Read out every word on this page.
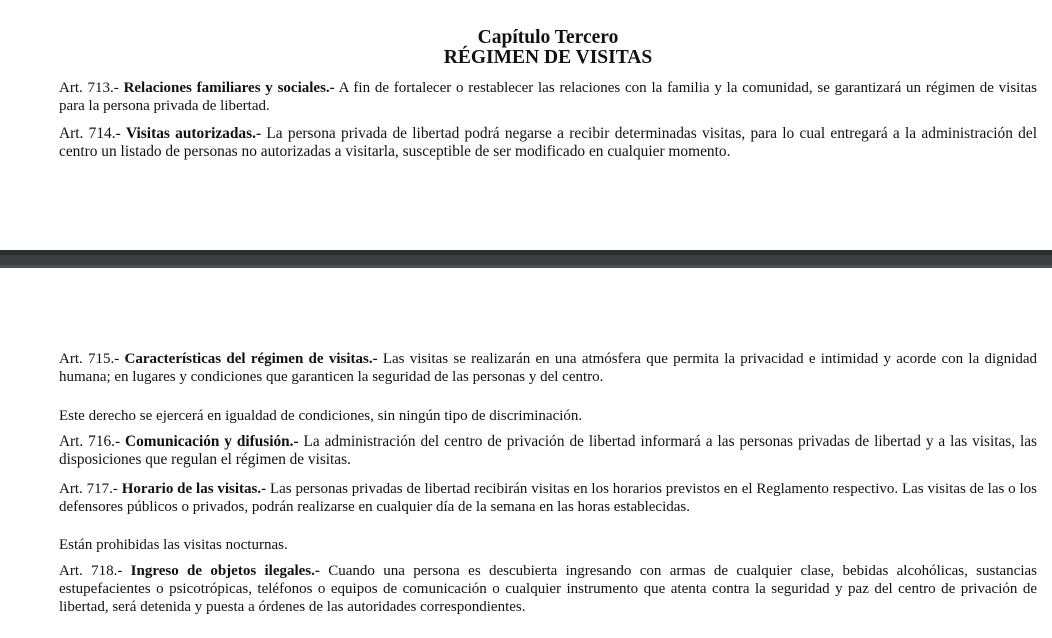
Capítulo Tercero
RÉGIMEN DE VISITAS
Art. 713.- Relaciones familiares y sociales.- A fin de fortalecer o restablecer las relaciones con la familia y la comunidad, se garantizará un régimen de visitas para la persona privada de libertad.
Art. 714.- Visitas autorizadas.- La persona privada de libertad podrá negarse a recibir determinadas visitas, para lo cual entregará a la administración del centro un listado de personas no autorizadas a visitarla, susceptible de ser modificado en cualquier momento.
Art. 715.- Características del régimen de visitas.- Las visitas se realizarán en una atmósfera que permita la privacidad e intimidad y acorde con la dignidad humana; en lugares y condiciones que garanticen la seguridad de las personas y del centro.
Este derecho se ejercerá en igualdad de condiciones, sin ningún tipo de discriminación.
Art. 716.- Comunicación y difusión.- La administración del centro de privación de libertad informará a las personas privadas de libertad y a las visitas, las disposiciones que regulan el régimen de visitas.
Art. 717.- Horario de las visitas.- Las personas privadas de libertad recibirán visitas en los horarios previstos en el Reglamento respectivo. Las visitas de las o los defensores públicos o privados, podrán realizarse en cualquier día de la semana en las horas establecidas.
Están prohibidas las visitas nocturnas.
Art. 718.- Ingreso de objetos ilegales.- Cuando una persona es descubierta ingresando con armas de cualquier clase, bebidas alcohólicas, sustancias estupefacientes o psicotrópicas, teléfonos o equipos de comunicación o cualquier instrumento que atenta contra la seguridad y paz del centro de privación de libertad, será detenida y puesta a órdenes de las autoridades correspondientes.
